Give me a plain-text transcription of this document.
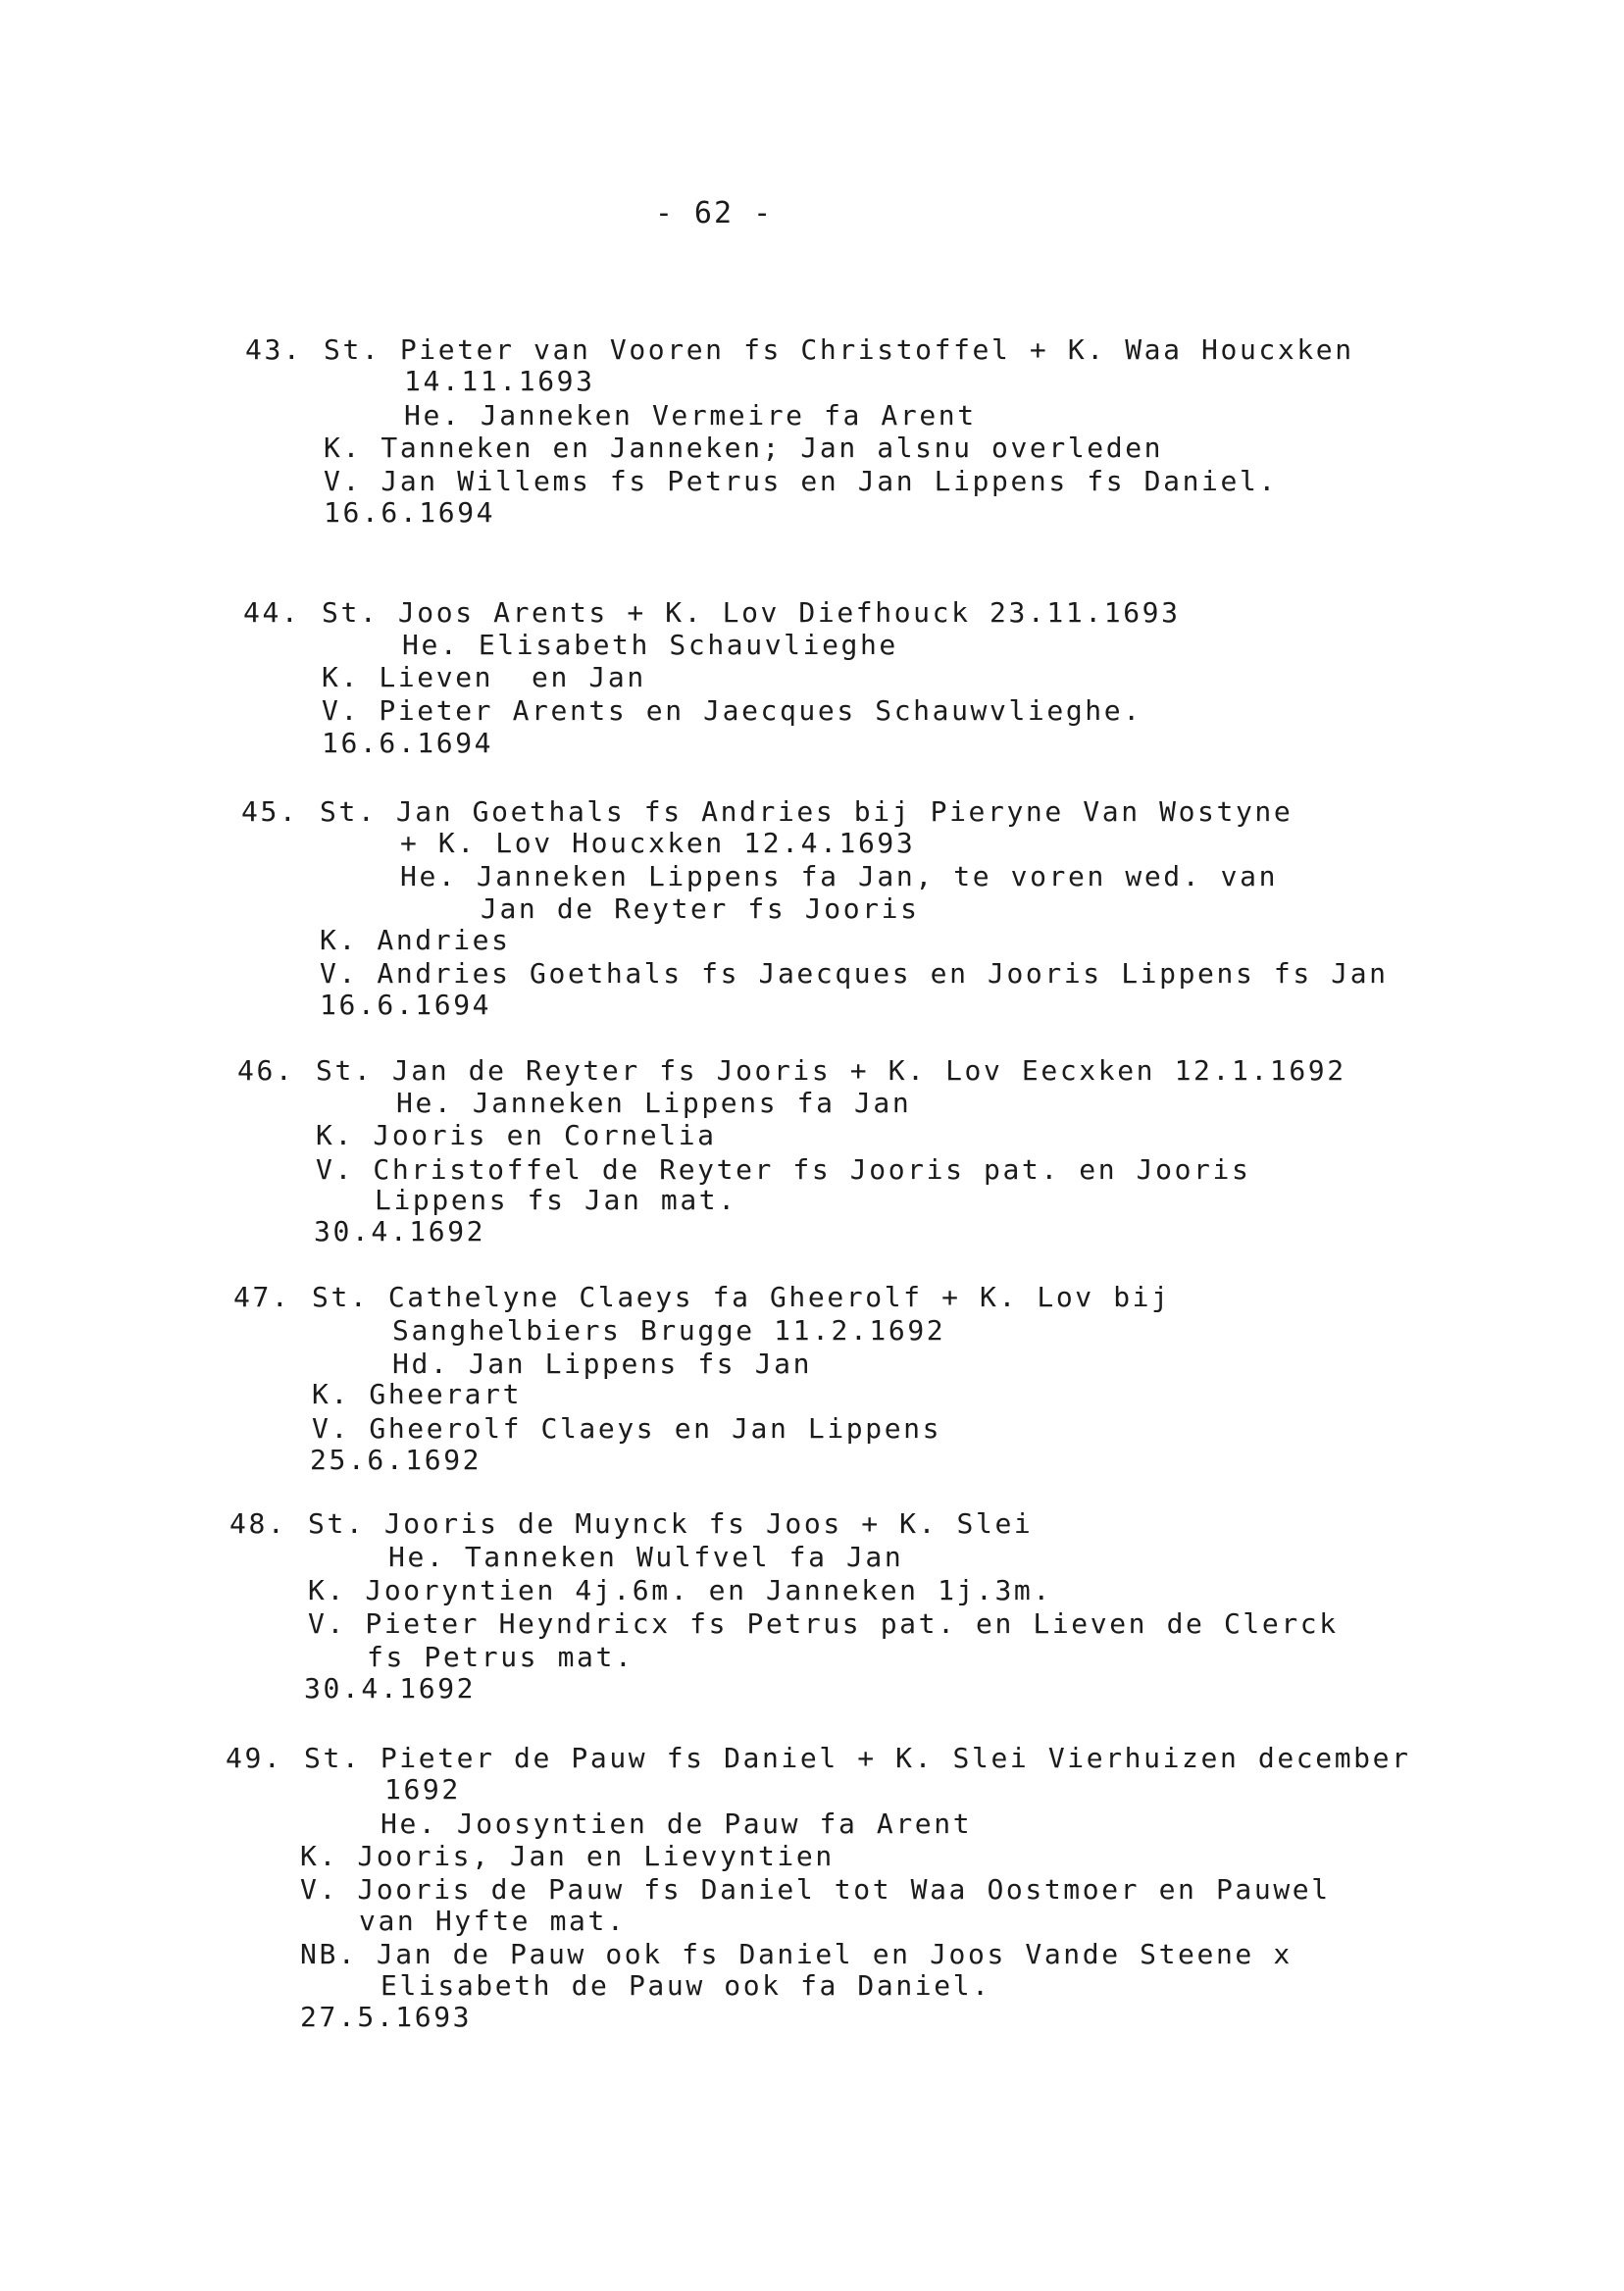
- 62 -
43. St. Pieter van Vooren fs Christoffel + K. Waa Houcxken
14.11.1693
He. Janneken Vermeire fa Arent
K. Tanneken en Janneken; Jan alsnu overleden
V. Jan Willems fs Petrus en Jan Lippens fs Daniel.
16.6.1694
44. St. Joos Arents + K. Lov Diefhouck 23.11.1693
He. Elisabeth Schauvlieghe
K. Lieven  en Jan
V. Pieter Arents en Jaecques Schauwvlieghe.
16.6.1694
45. St. Jan Goethals fs Andries bij Pieryne Van Wostyne
+ K. Lov Houcxken 12.4.1693
He. Janneken Lippens fa Jan, te voren wed. van
Jan de Reyter fs Jooris
K. Andries
V. Andries Goethals fs Jaecques en Jooris Lippens fs Jan
16.6.1694
46. St. Jan de Reyter fs Jooris + K. Lov Eecxken 12.1.1692
He. Janneken Lippens fa Jan
K. Jooris en Cornelia
V. Christoffel de Reyter fs Jooris pat. en Jooris
Lippens fs Jan mat.
30.4.1692
47. St. Cathelyne Claeys fa Gheerolf + K. Lov bij
Sanghelbiers Brugge 11.2.1692
Hd. Jan Lippens fs Jan
K. Gheerart
V. Gheerolf Claeys en Jan Lippens
25.6.1692
48. St. Jooris de Muynck fs Joos + K. Slei
He. Tanneken Wulfvel fa Jan
K. Jooryntien 4j.6m. en Janneken 1j.3m.
V. Pieter Heyndricx fs Petrus pat. en Lieven de Clerck
fs Petrus mat.
30.4.1692
49. St. Pieter de Pauw fs Daniel + K. Slei Vierhuizen december
1692
He. Joosyntien de Pauw fa Arent
K. Jooris, Jan en Lievyntien
V. Jooris de Pauw fs Daniel tot Waa Oostmoer en Pauwel
van Hyfte mat.
NB. Jan de Pauw ook fs Daniel en Joos Vande Steene x
Elisabeth de Pauw ook fa Daniel.
27.5.1693
